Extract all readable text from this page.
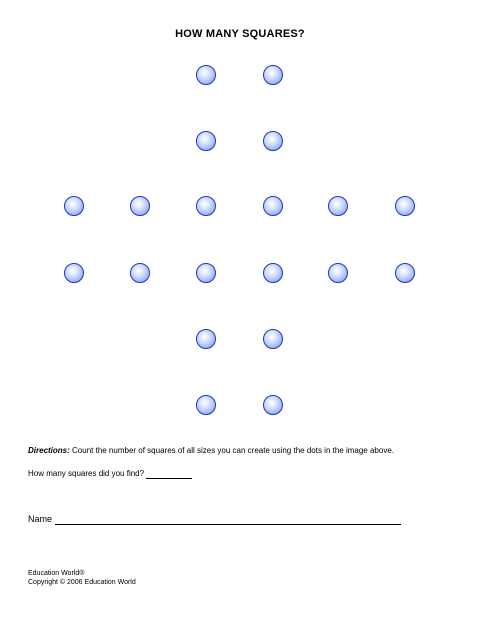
HOW MANY SQUARES?
Directions: Count the number of squares of all sizes you can create using the dots in the image above.
How many squares did you find?
Name
Education World®
Copyright © 2006 Education World
